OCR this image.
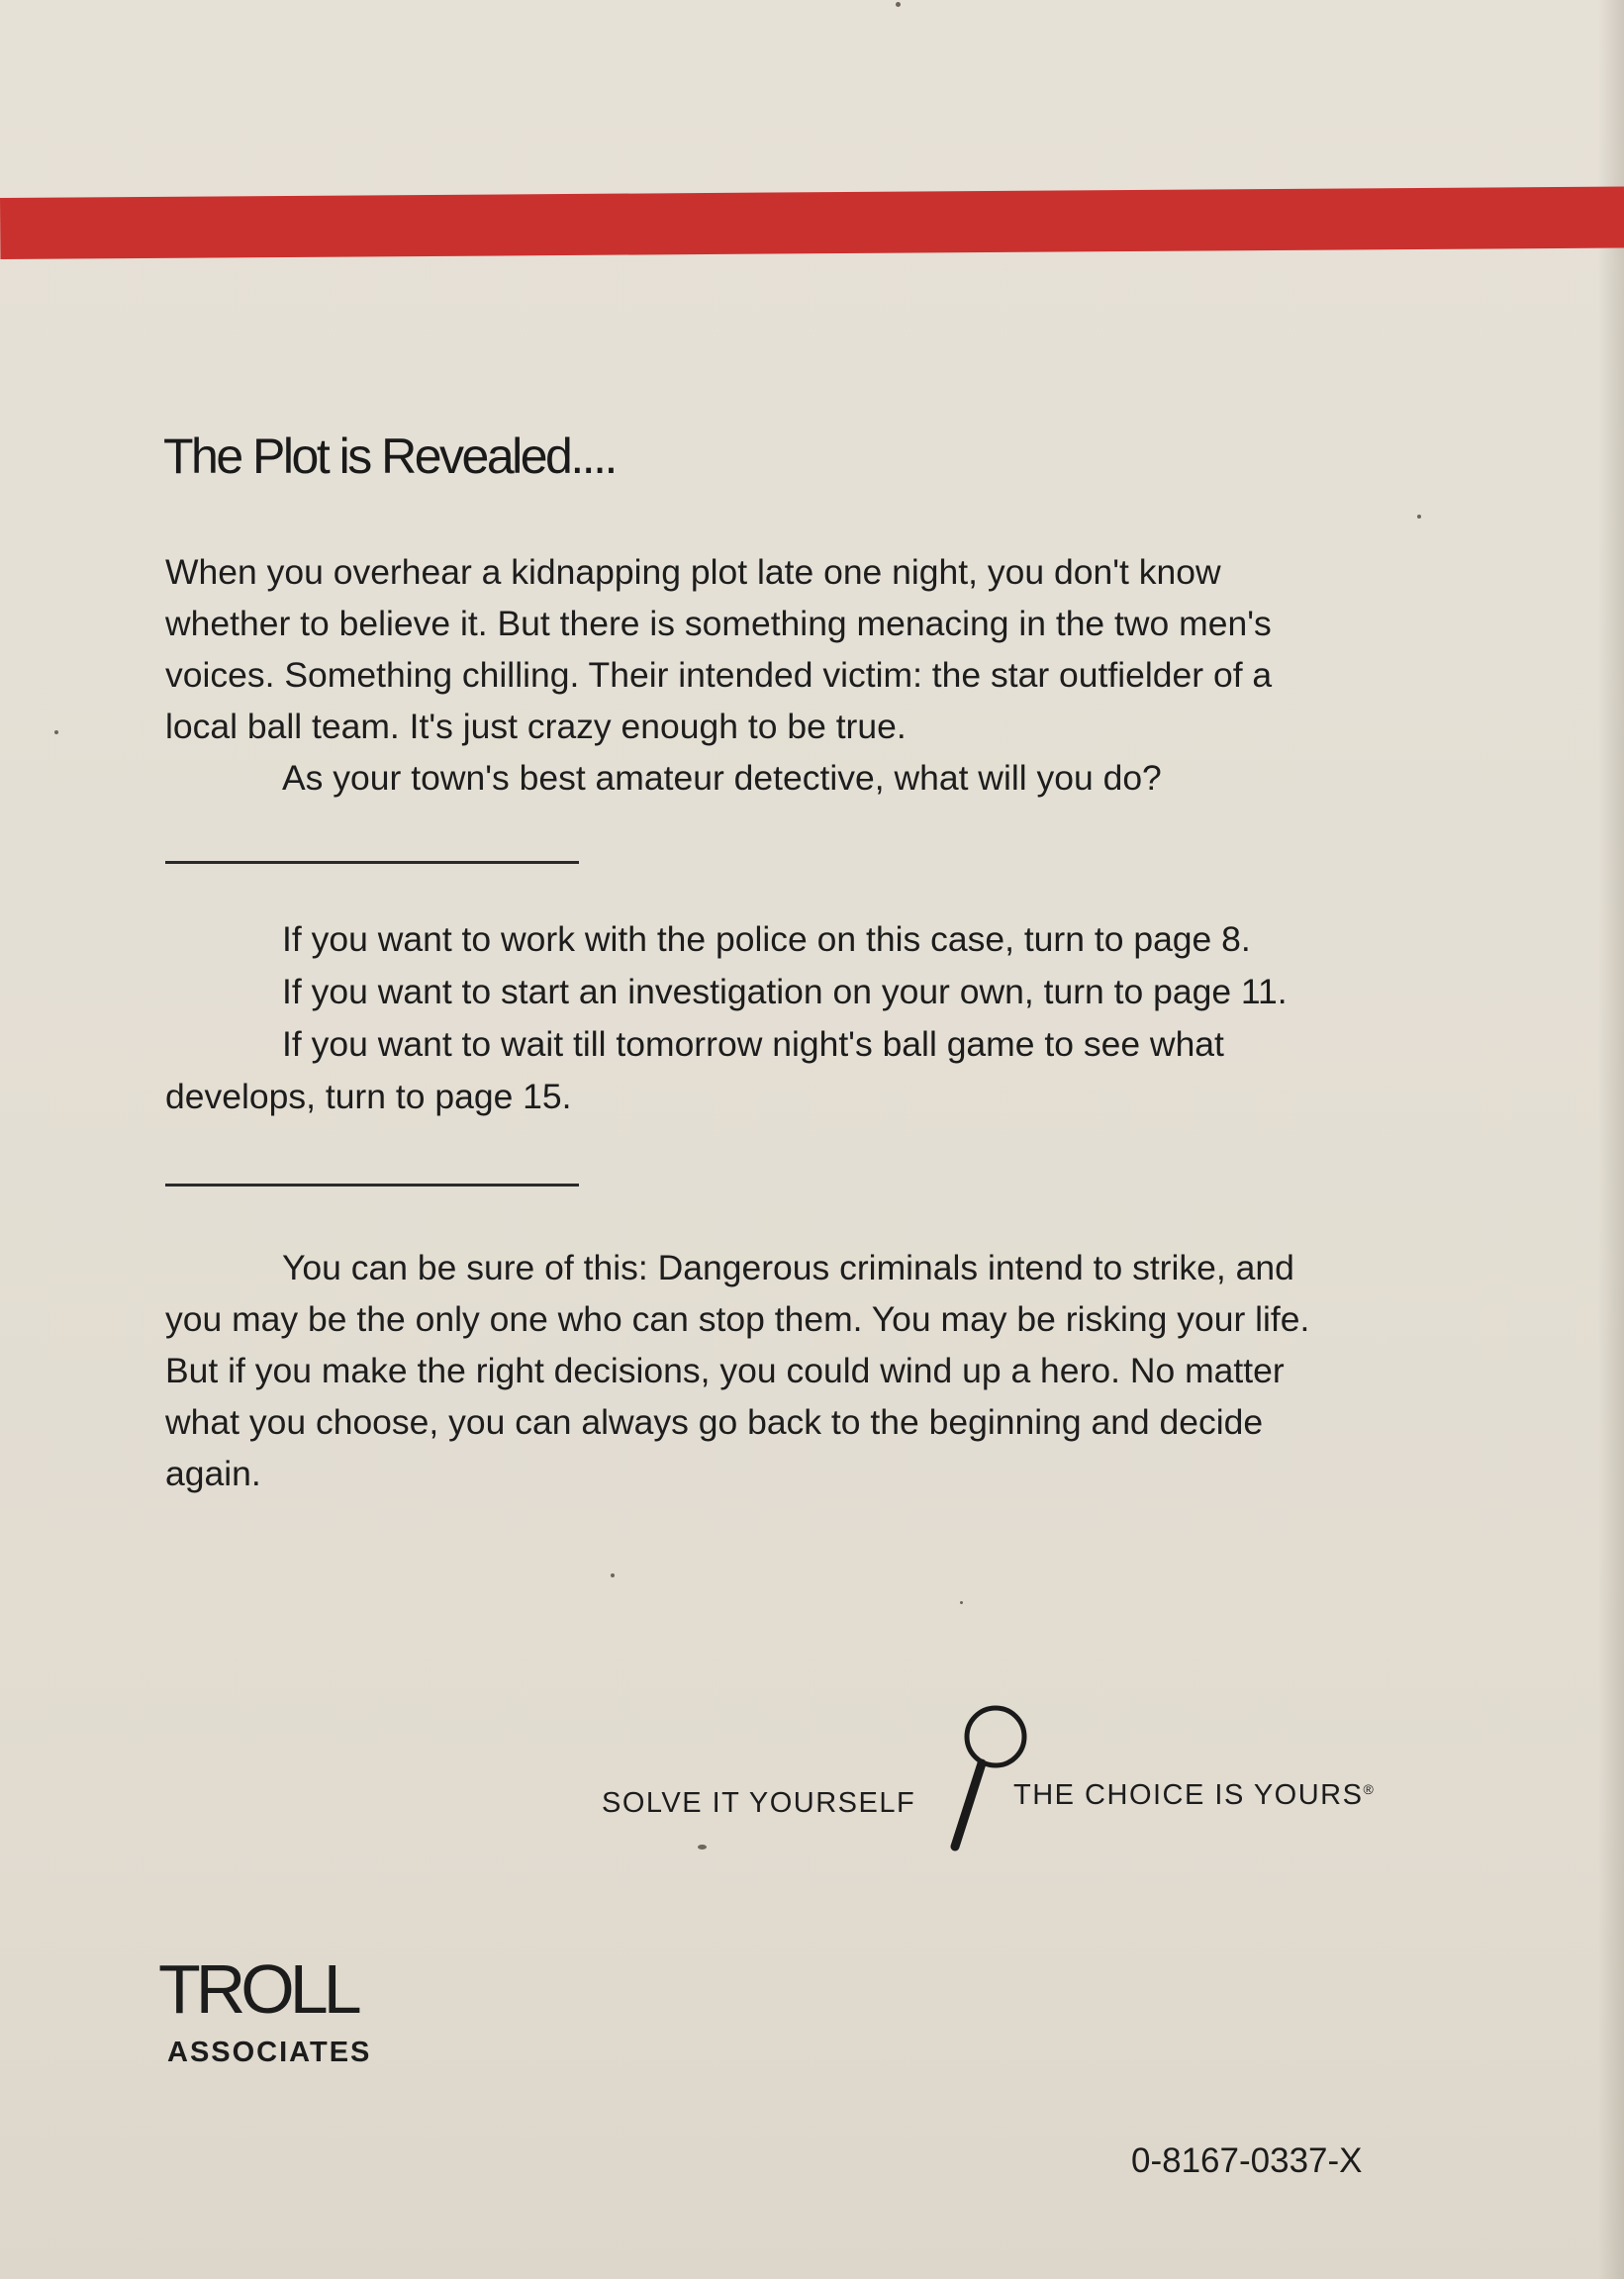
The Plot is Revealed....
When you overhear a kidnapping plot late one night, you don't know
whether to believe it. But there is something menacing in the two men's
voices. Something chilling. Their intended victim: the star outfielder of a
local ball team. It's just crazy enough to be true.
As your town's best amateur detective, what will you do?

If you want to work with the police on this case, turn to page 8.

If you want to start an investigation on your own, turn to page 11.

If you want to wait till tomorrow night's ball game to see what
develops, turn to page 15.

You can be sure of this: Dangerous criminals intend to strike, and
you may be the only one who can stop them. You may be risking your life.
But if you make the right decisions, you could wind up a hero. No matter
what you choose, you can always go back to the beginning and decide
again.
SOLVE IT YOURSELF	THE CHOICE IS YOURS®
TROLL
ASSOCIATES
0-8167-0337-X
